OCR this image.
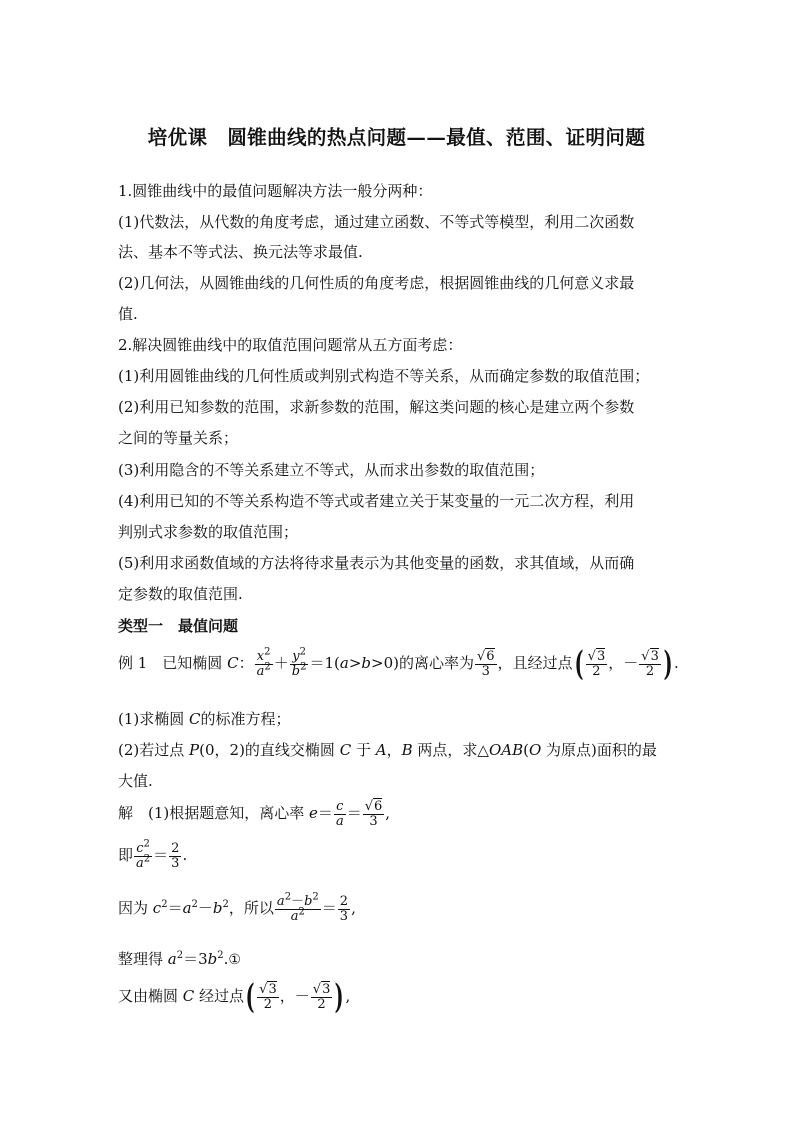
培优课　圆锥曲线的热点问题——最值、范围、证明问题
1.圆锥曲线中的最值问题解决方法一般分两种：
(1)代数法，从代数的角度考虑，通过建立函数、不等式等模型，利用二次函数
法、基本不等式法、换元法等求最值.
(2)几何法，从圆锥曲线的几何性质的角度考虑，根据圆锥曲线的几何意义求最
值.
2.解决圆锥曲线中的取值范围问题常从五方面考虑：
(1)利用圆锥曲线的几何性质或判别式构造不等关系，从而确定参数的取值范围；
(2)利用已知参数的范围，求新参数的范围，解这类问题的核心是建立两个参数
之间的等量关系；
(3)利用隐含的不等关系建立不等式，从而求出参数的取值范围；
(4)利用已知的不等关系构造不等式或者建立关于某变量的一元二次方程，利用
判别式求参数的取值范围；
(5)利用求函数值域的方法将待求量表示为其他变量的函数，求其值域，从而确
定参数的取值范围.
类型一　最值问题
例 1　已知椭圆 C： $\frac{x^2}{a^2} + \frac{y^2}{b^2} =1(a>b>0)$的离心率为 $\frac{√6}{3}$ ，且经过点( $\frac{√3}{2}$ ，－ $\frac{√3}{2}$ ) .
(1)求椭圆 C的标准方程；
(2)若过点 P(0，2)的直线交椭圆 C 于 A，B 两点，求△OAB(O 为原点)面积的最
大值.
解　(1)根据题意知，离心率 $e= \frac{c}{a} = \frac{√6}{3}$ ,
即 $\frac{c^2}{a^2} = \frac{2}{3}$ .
因为 $c^2=a^2-b^2$，所以 $\frac{a^2-b^2}{a^2} = \frac{2}{3}$ ,
整理得 $a^2=3b^2.①$
又由椭圆 C 经过点( $\frac{√3}{2}$ ，－ $\frac{√3}{2}$ ) ,
